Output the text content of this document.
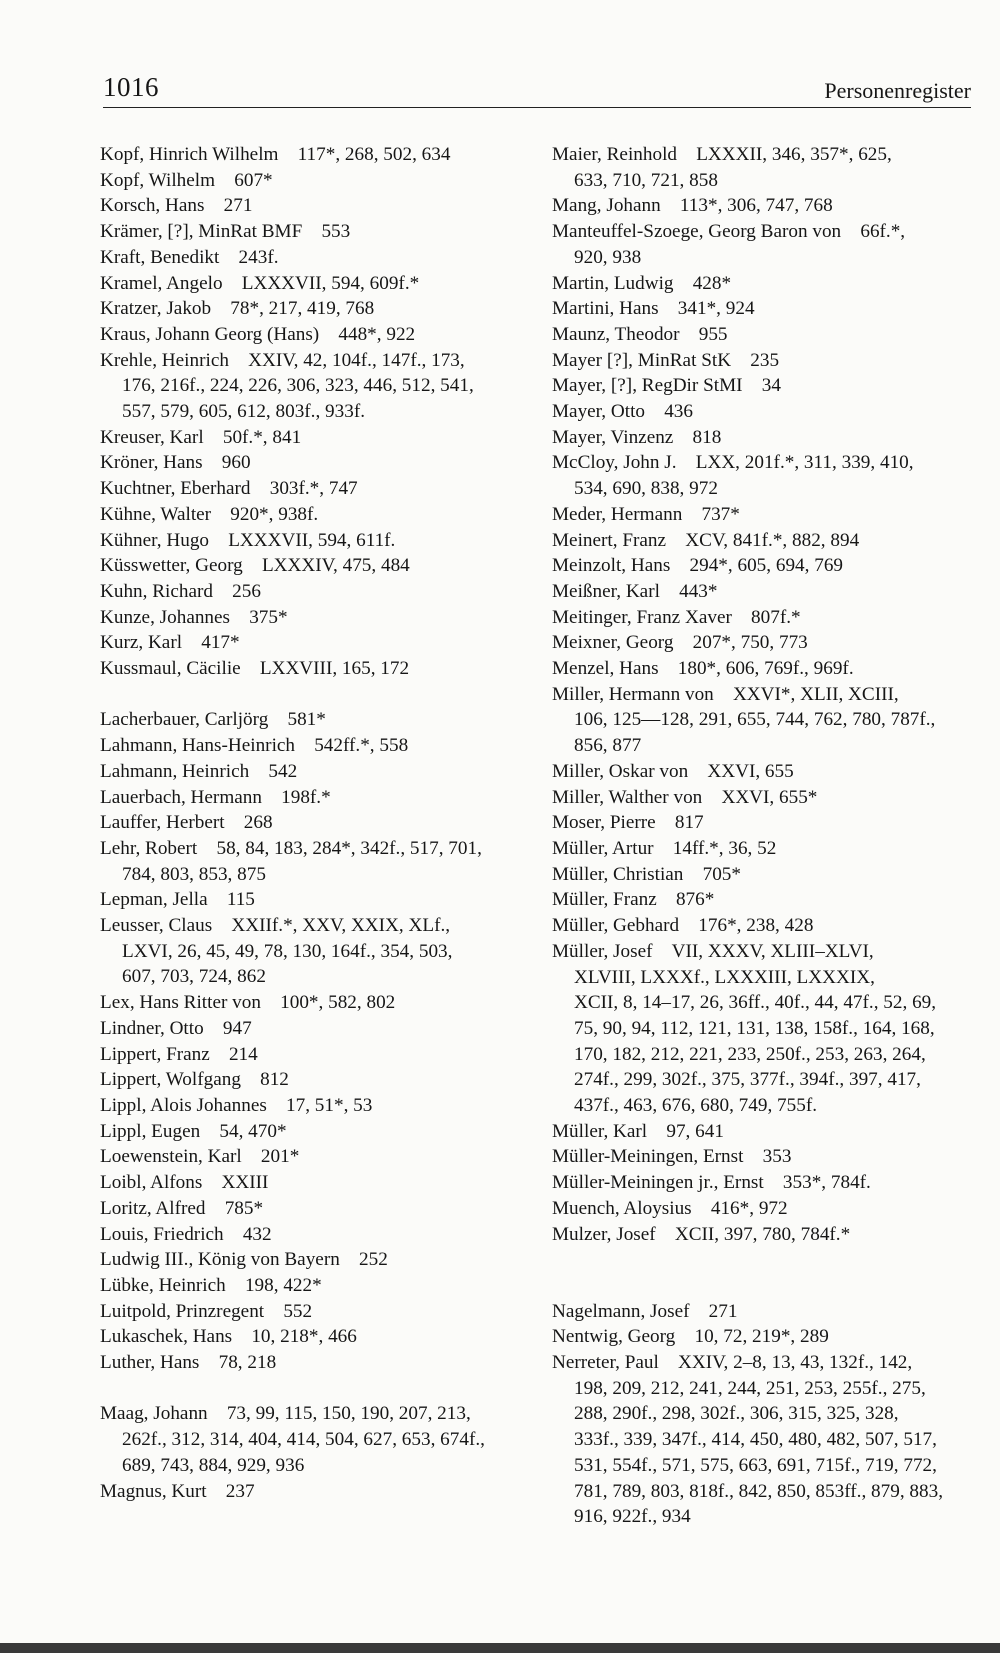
1016	Personenregister
Kopf, Hinrich Wilhelm   117*, 268, 502, 634
Kopf, Wilhelm   607*
Korsch, Hans   271
Krämer, [?], MinRat BMF   553
Kraft, Benedikt   243f.
Kramel, Angelo   LXXXVII, 594, 609f.*
Kratzer, Jakob   78*, 217, 419, 768
Kraus, Johann Georg (Hans)   448*, 922
Krehle, Heinrich   XXIV, 42, 104f., 147f., 173,
176, 216f., 224, 226, 306, 323, 446, 512, 541,
557, 579, 605, 612, 803f., 933f.
Kreuser, Karl   50f.*, 841
Kröner, Hans   960
Kuchtner, Eberhard   303f.*, 747
Kühne, Walter   920*, 938f.
Kühner, Hugo   LXXXVII, 594, 611f.
Küsswetter, Georg   LXXXIV, 475, 484
Kuhn, Richard   256
Kunze, Johannes   375*
Kurz, Karl   417*
Kussmaul, Cäcilie   LXXVIII, 165, 172
Lacherbauer, Carljörg   581*
Lahmann, Hans-Heinrich   542ff.*, 558
Lahmann, Heinrich   542
Lauerbach, Hermann   198f.*
Lauffer, Herbert   268
Lehr, Robert   58, 84, 183, 284*, 342f., 517, 701,
784, 803, 853, 875
Lepman, Jella   115
Leusser, Claus   XXIIf.*, XXV, XXIX, XLf.,
LXVI, 26, 45, 49, 78, 130, 164f., 354, 503,
607, 703, 724, 862
Lex, Hans Ritter von   100*, 582, 802
Lindner, Otto   947
Lippert, Franz   214
Lippert, Wolfgang   812
Lippl, Alois Johannes   17, 51*, 53
Lippl, Eugen   54, 470*
Loewenstein, Karl   201*
Loibl, Alfons   XXIII
Loritz, Alfred   785*
Louis, Friedrich   432
Ludwig III., König von Bayern   252
Lübke, Heinrich   198, 422*
Luitpold, Prinzregent   552
Lukaschek, Hans   10, 218*, 466
Luther, Hans   78, 218
Maag, Johann   73, 99, 115, 150, 190, 207, 213,
262f., 312, 314, 404, 414, 504, 627, 653, 674f.,
689, 743, 884, 929, 936
Magnus, Kurt   237
Maier, Reinhold   LXXXII, 346, 357*, 625,
633, 710, 721, 858
Mang, Johann   113*, 306, 747, 768
Manteuffel-Szoege, Georg Baron von   66f.*,
920, 938
Martin, Ludwig   428*
Martini, Hans   341*, 924
Maunz, Theodor   955
Mayer [?], MinRat StK   235
Mayer, [?], RegDir StMI   34
Mayer, Otto   436
Mayer, Vinzenz   818
McCloy, John J.   LXX, 201f.*, 311, 339, 410,
534, 690, 838, 972
Meder, Hermann   737*
Meinert, Franz   XCV, 841f.*, 882, 894
Meinzolt, Hans   294*, 605, 694, 769
Meißner, Karl   443*
Meitinger, Franz Xaver   807f.*
Meixner, Georg   207*, 750, 773
Menzel, Hans   180*, 606, 769f., 969f.
Miller, Hermann von   XXVI*, XLII, XCIII,
106, 125—128, 291, 655, 744, 762, 780, 787f.,
856, 877
Miller, Oskar von   XXVI, 655
Miller, Walther von   XXVI, 655*
Moser, Pierre   817
Müller, Artur   14ff.*, 36, 52
Müller, Christian   705*
Müller, Franz   876*
Müller, Gebhard   176*, 238, 428
Müller, Josef   VII, XXXV, XLIII–XLVI,
XLVIII, LXXXf., LXXXIII, LXXXIX,
XCII, 8, 14–17, 26, 36ff., 40f., 44, 47f., 52, 69,
75, 90, 94, 112, 121, 131, 138, 158f., 164, 168,
170, 182, 212, 221, 233, 250f., 253, 263, 264,
274f., 299, 302f., 375, 377f., 394f., 397, 417,
437f., 463, 676, 680, 749, 755f.
Müller, Karl   97, 641
Müller-Meiningen, Ernst   353
Müller-Meiningen jr., Ernst   353*, 784f.
Muench, Aloysius   416*, 972
Mulzer, Josef   XCII, 397, 780, 784f.*
Nagelmann, Josef   271
Nentwig, Georg   10, 72, 219*, 289
Nerreter, Paul   XXIV, 2–8, 13, 43, 132f., 142,
198, 209, 212, 241, 244, 251, 253, 255f., 275,
288, 290f., 298, 302f., 306, 315, 325, 328,
333f., 339, 347f., 414, 450, 480, 482, 507, 517,
531, 554f., 571, 575, 663, 691, 715f., 719, 772,
781, 789, 803, 818f., 842, 850, 853ff., 879, 883,
916, 922f., 934
